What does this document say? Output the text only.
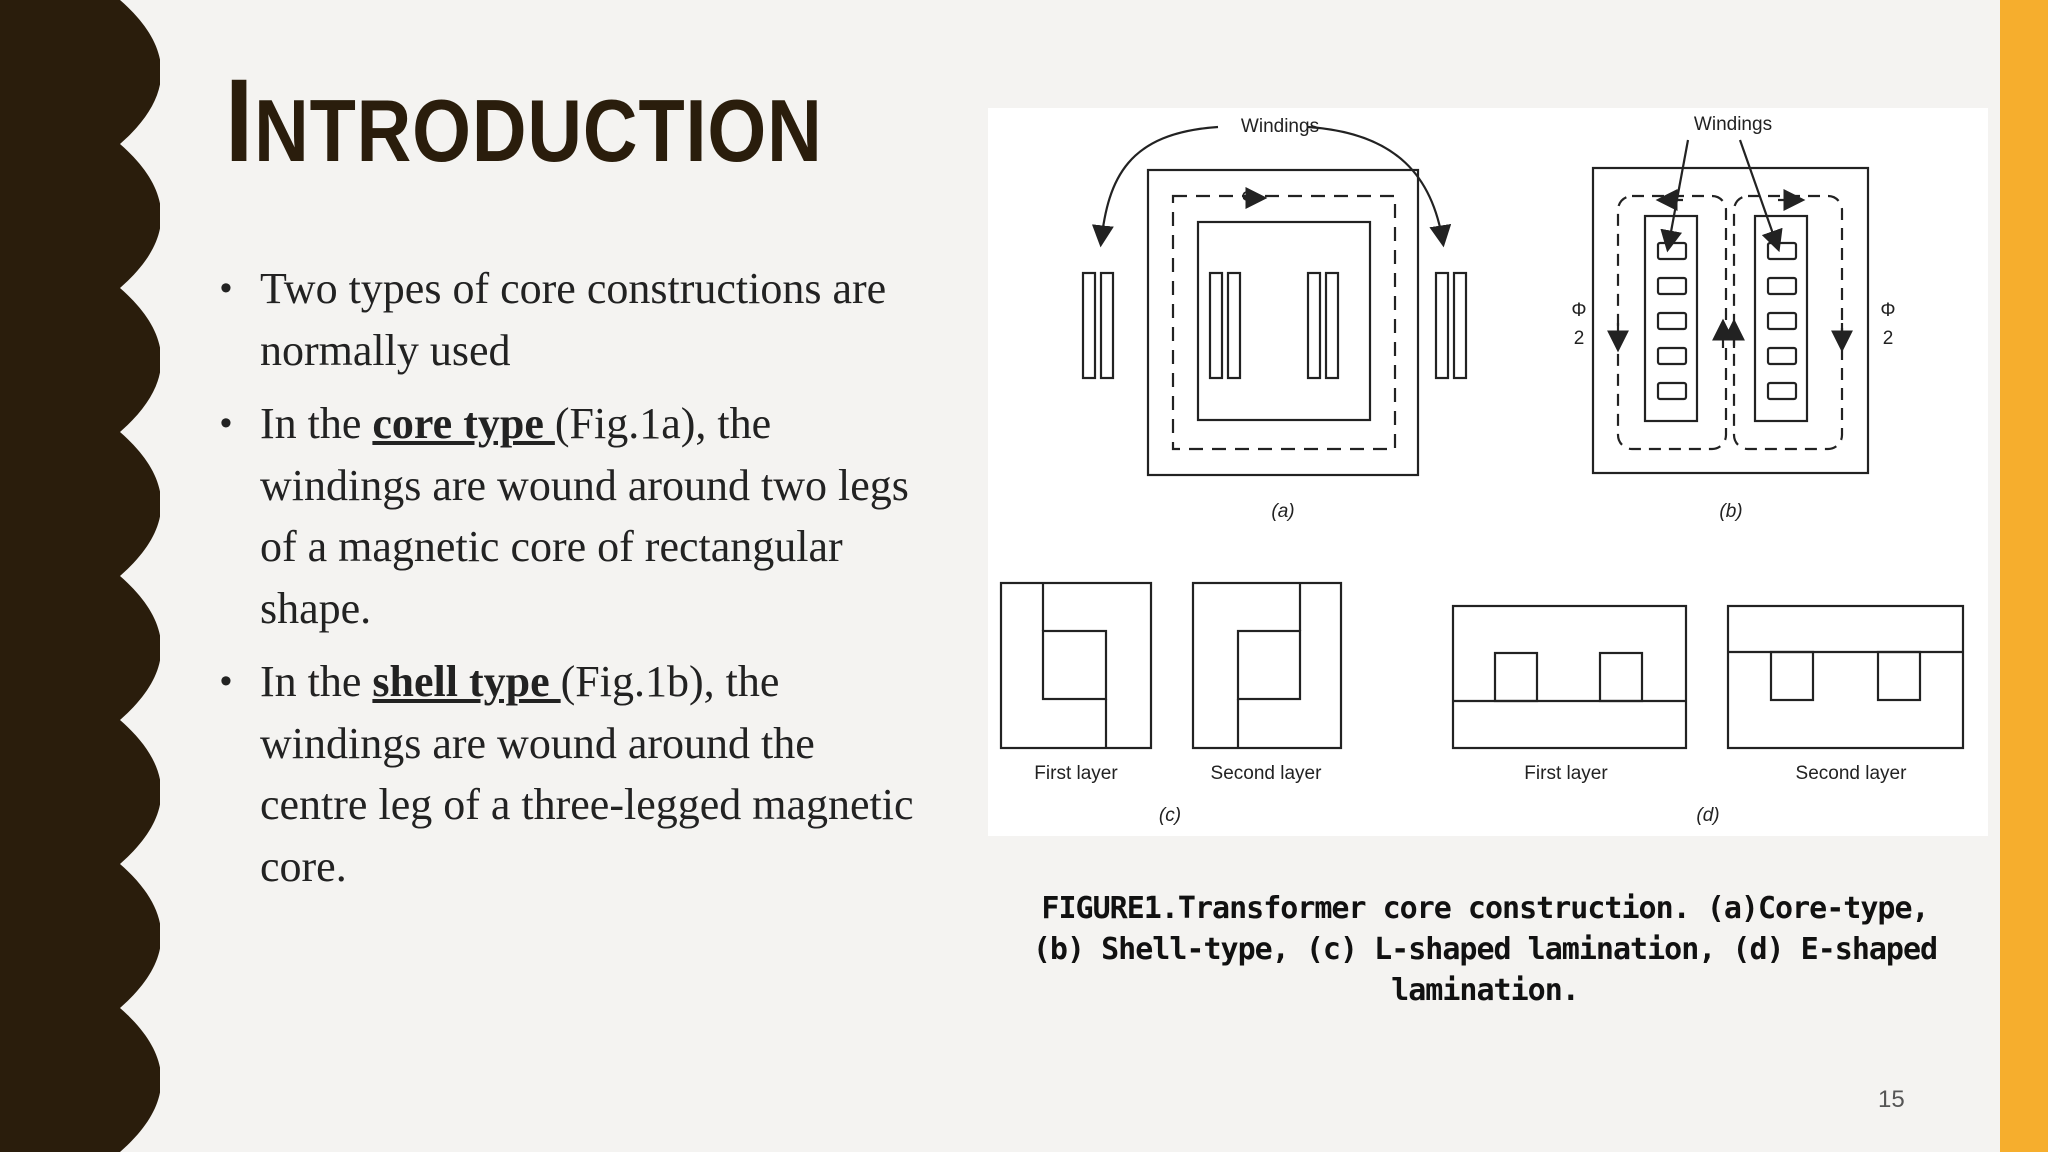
INTRODUCTION
• Two types of core constructions are normally used
• In the core type (Fig.1a), the windings are wound around two legs of a magnetic core of rectangular shape.
• In the shell type (Fig.1b), the windings are wound around the centre leg of a three-legged magnetic core.
Windings	Windings
Φ
Φ
2
Φ
2
(a)	(b)
First layer	Second layer
(c)
First layer	Second layer
(d)

FIGURE1.Transformer core construction. (a)Core-type,
(b) Shell-type, (c) L-shaped lamination, (d) E-shaped
lamination.

15
